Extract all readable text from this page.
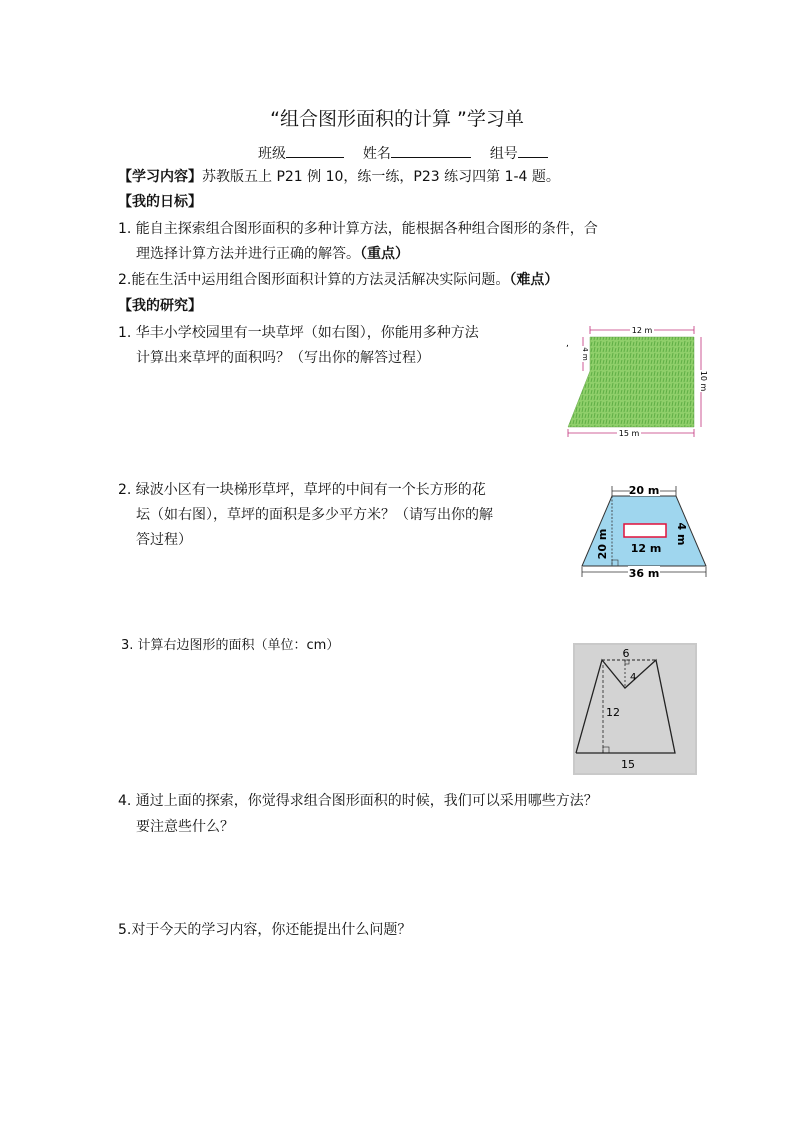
“组合图形面积的计算 ”学习单
班级	姓名	组号
【学习内容】苏教版五上 P21 例 10，练一练，P23 练习四第 1-4 题。
【我的日标】
1. 能自主探索组合图形面积的多种计算方法，能根据各种组合图形的条件，合
理选择计算方法并进行正确的解答。（重点）
2.能在生活中运用组合图形面积计算的方法灵活解决实际问题。（难点）
【我的研究】
1. 华丰小学校园里有一块草坪（如右图），你能用多种方法
计算出来草坪的面积吗？（写出你的解答过程）
2. 绿波小区有一块梯形草坪，草坪的中间有一个长方形的花
坛（如右图），草坪的面积是多少平方米？（请写出你的解
答过程）
3. 计算右边图形的面积（单位：cm）
4. 通过上面的探索，你觉得求组合图形面积的时候，我们可以采用哪些方法？
要注意些什么？
5.对于今天的学习内容，你还能提出什么问题？
,
12 m
4 m
10 m
15 m
20 m
20 m 12 m
4 m
36 m
6
4
12
15
